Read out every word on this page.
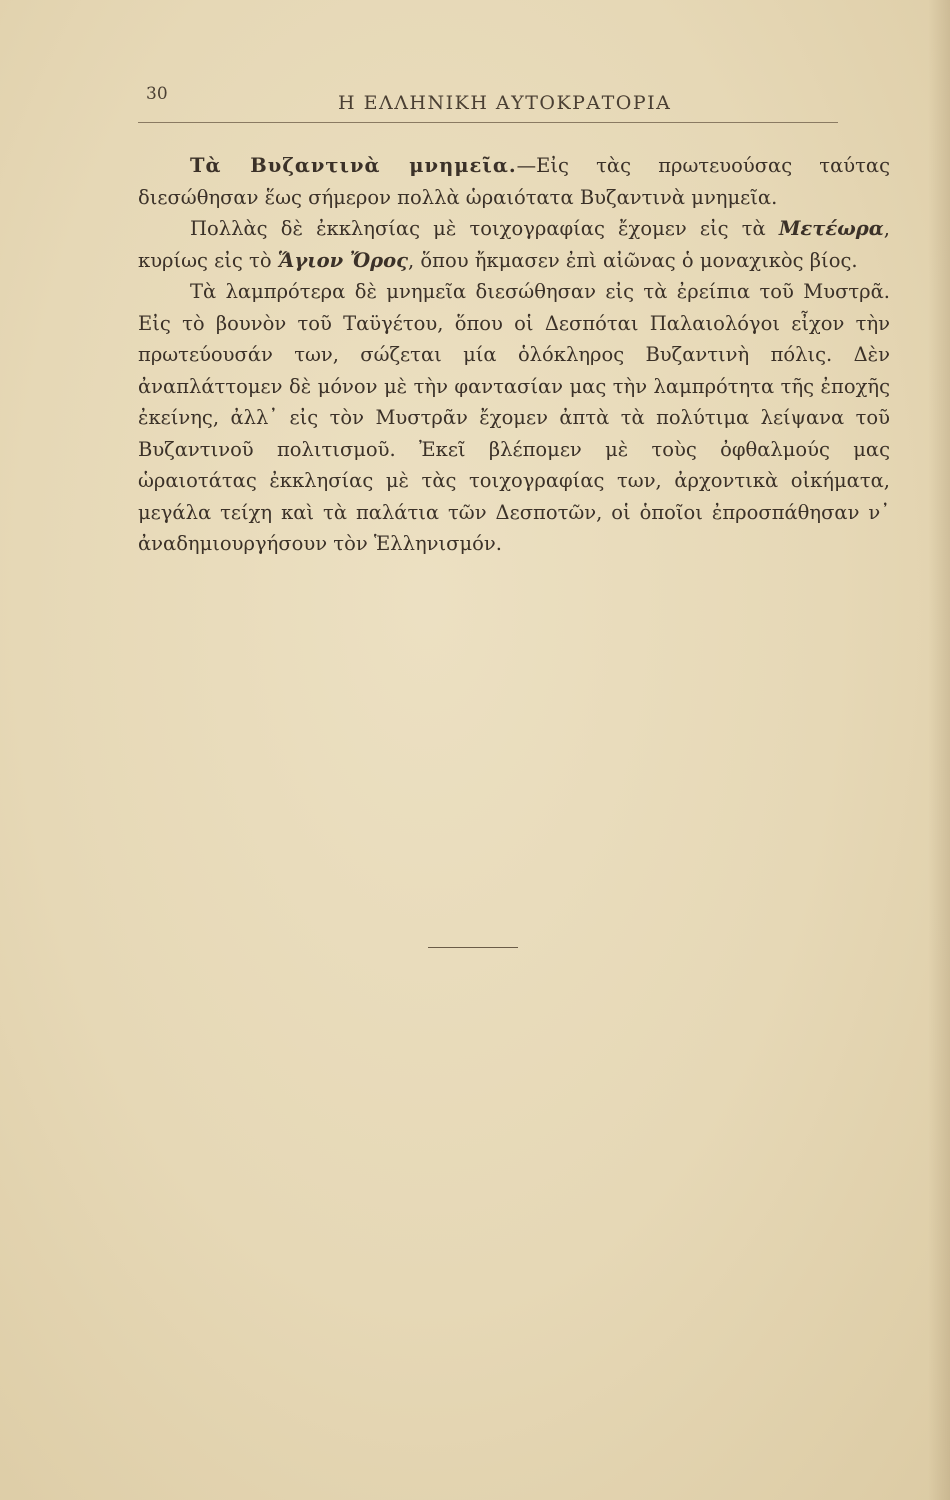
30	Η ΕΛΛΗΝΙΚΗ ΑΥΤΟΚΡΑΤΟΡΙΑ

Τὰ Βυζαντινὰ μνημεῖα.—Εἰς τὰς πρωτευούσας ταύτας διεσώθησαν ἕως σήμερον πολλὰ ὡραιότατα Βυζαντινὰ μνημεῖα.

Πολλὰς δὲ ἐκκλησίας μὲ τοιχογραφίας ἔχομεν εἰς τὰ Μετέωρα, κυρίως εἰς τὸ Ἅγιον Ὄρος, ὅπου ἤκμασεν ἐπὶ αἰῶνας ὁ μοναχικὸς βίος.

Τὰ λαμπρότερα δὲ μνημεῖα διεσώθησαν εἰς τὰ ἐρείπια τοῦ Μυστρᾶ. Εἰς τὸ βουνὸν τοῦ Ταϋγέτου, ὅπου οἱ Δεσπόται Παλαιολόγοι εἶχον τὴν πρωτεύουσάν των, σώζεται μία ὁλόκληρος Βυζαντινὴ πόλις. Δὲν ἀναπλάττομεν δὲ μόνον μὲ τὴν φαντασίαν μας τὴν λαμπρότητα τῆς ἐποχῆς ἐκείνης, ἀλλ᾽ εἰς τὸν Μυστρᾶν ἔχομεν ἀπτὰ τὰ πολύτιμα λείψανα τοῦ Βυζαντινοῦ πολιτισμοῦ. Ἐκεῖ βλέπομεν μὲ τοὺς ὀφθαλμούς μας ὡραιοτάτας ἐκκλησίας μὲ τὰς τοιχογραφίας των, ἀρχοντικὰ οἰκήματα, μεγάλα τείχη καὶ τὰ παλάτια τῶν Δεσποτῶν, οἱ ὁποῖοι ἐπροσπάθησαν ν᾽ ἀναδημιουργήσουν τὸν Ἑλληνισμόν.
